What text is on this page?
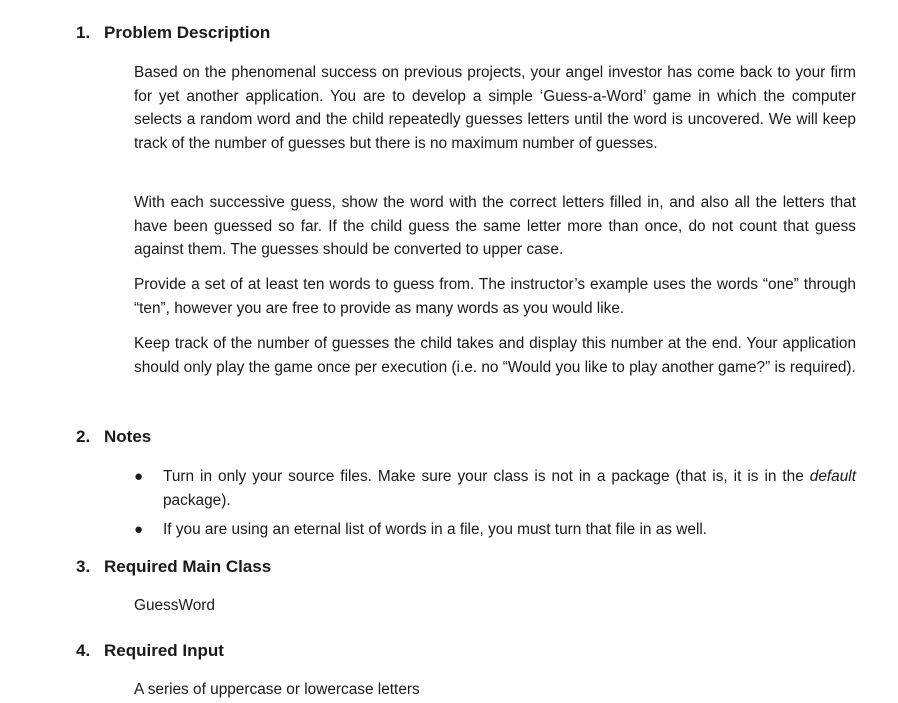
1. Problem Description

Based on the phenomenal success on previous projects, your angel investor has come back to your firm for yet another application. You are to develop a simple ‘Guess-a-Word’ game in which the computer selects a random word and the child repeatedly guesses letters until the word is uncovered. We will keep track of the number of guesses but there is no maximum number of guesses.

With each successive guess, show the word with the correct letters filled in, and also all the letters that have been guessed so far. If the child guess the same letter more than once, do not count that guess against them. The guesses should be converted to upper case.

Provide a set of at least ten words to guess from. The instructor’s example uses the words “one” through “ten”, however you are free to provide as many words as you would like.

Keep track of the number of guesses the child takes and display this number at the end. Your application should only play the game once per execution (i.e. no “Would you like to play another game?” is required).

2. Notes
●	Turn in only your source files. Make sure your class is not in a package (that is, it is in the default package).
●	If you are using an eternal list of words in a file, you must turn that file in as well.
3. Required Main Class

GuessWord

4. Required Input

A series of uppercase or lowercase letters
